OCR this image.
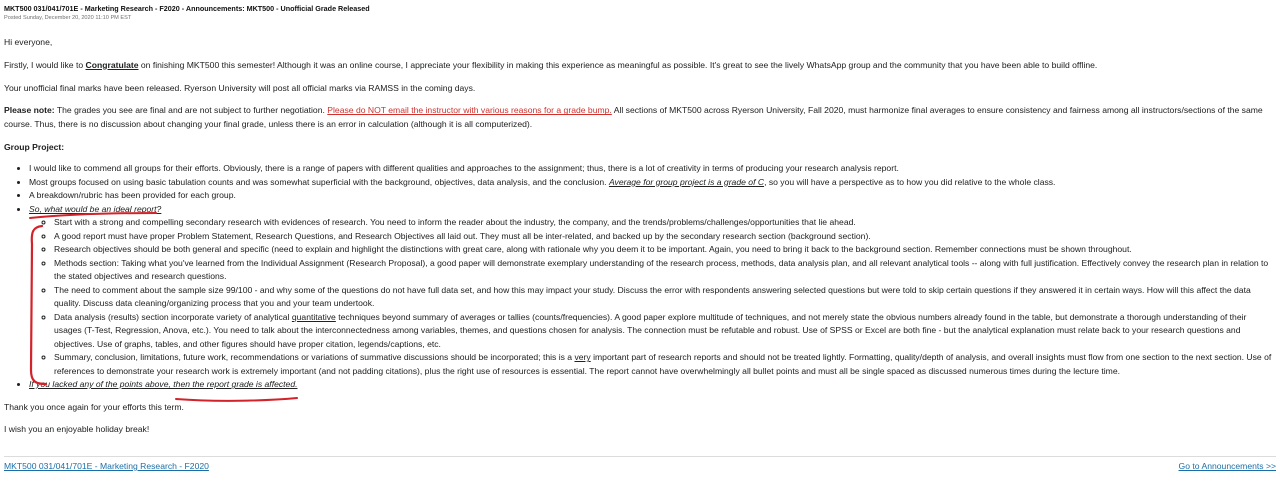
MKT500 031/041/701E - Marketing Research - F2020 - Announcements: MKT500 - Unofficial Grade Released
Posted Sunday, December 20, 2020 11:10 PM EST

Hi everyone,

Firstly, I would like to Congratulate on finishing MKT500 this semester! Although it was an online course, I appreciate your flexibility in making this experience as meaningful as possible. It's great to see the lively WhatsApp group and the community that you have been able to build offline.

Your unofficial final marks have been released. Ryerson University will post all official marks via RAMSS in the coming days.

Please note: The grades you see are final and are not subject to further negotiation. Please do NOT email the instructor with various reasons for a grade bump. All sections of MKT500 across Ryerson University, Fall 2020, must harmonize final averages to ensure consistency and fairness among all instructors/sections of the same course. Thus, there is no discussion about changing your final grade, unless there is an error in calculation (although it is all computerized).

Group Project:

• I would like to commend all groups for their efforts. Obviously, there is a range of papers with different qualities and approaches to the assignment; thus, there is a lot of creativity in terms of producing your research analysis report.
• Most groups focused on using basic tabulation counts and was somewhat superficial with the background, objectives, data analysis, and the conclusion. Average for group project is a grade of C, so you will have a perspective as to how you did relative to the whole class.
• A breakdown/rubric has been provided for each group.
• So, what would be an ideal report?
◦ Start with a strong and compelling secondary research with evidences of research. You need to inform the reader about the industry, the company, and the trends/problems/challenges/opportunities that lie ahead.
◦ A good report must have proper Problem Statement, Research Questions, and Research Objectives all laid out. They must all be inter-related, and backed up by the secondary research section (background section).
◦ Research objectives should be both general and specific (need to explain and highlight the distinctions with great care, along with rationale why you deem it to be important. Again, you need to bring it back to the background section. Remember connections must be shown throughout.
◦ Methods section: Taking what you've learned from the Individual Assignment (Research Proposal), a good paper will demonstrate exemplary understanding of the research process, methods, data analysis plan, and all relevant analytical tools -- along with full justification. Effectively convey the research plan in relation to the stated objectives and research questions.
◦ The need to comment about the sample size 99/100 - and why some of the questions do not have full data set, and how this may impact your study. Discuss the error with respondents answering selected questions but were told to skip certain questions if they answered it in certain ways. How will this affect the data quality. Discuss data cleaning/organizing process that you and your team undertook.
◦ Data analysis (results) section incorporate variety of analytical quantitative techniques beyond summary of averages or tallies (counts/frequencies). A good paper explore multitude of techniques, and not merely state the obvious numbers already found in the table, but demonstrate a thorough understanding of their usages (T-Test, Regression, Anova, etc.). You need to talk about the interconnectedness among variables, themes, and questions chosen for analysis. The connection must be refutable and robust. Use of SPSS or Excel are both fine - but the analytical explanation must relate back to your research questions and objectives. Use of graphs, tables, and other figures should have proper citation, legends/captions, etc.
◦ Summary, conclusion, limitations, future work, recommendations or variations of summative discussions should be incorporated; this is a very important part of research reports and should not be treated lightly. Formatting, quality/depth of analysis, and overall insights must flow from one section to the next section. Use of references to demonstrate your research work is extremely important (and not padding citations), plus the right use of resources is essential. The report cannot have overwhelmingly all bullet points and must all be single spaced as discussed numerous times during the lecture time.
• If you lacked any of the points above, then the report grade is affected.

Thank you once again for your efforts this term.

I wish you an enjoyable holiday break!

MKT500 031/041/701E - Marketing Research - F2020	Go to Announcements >>
